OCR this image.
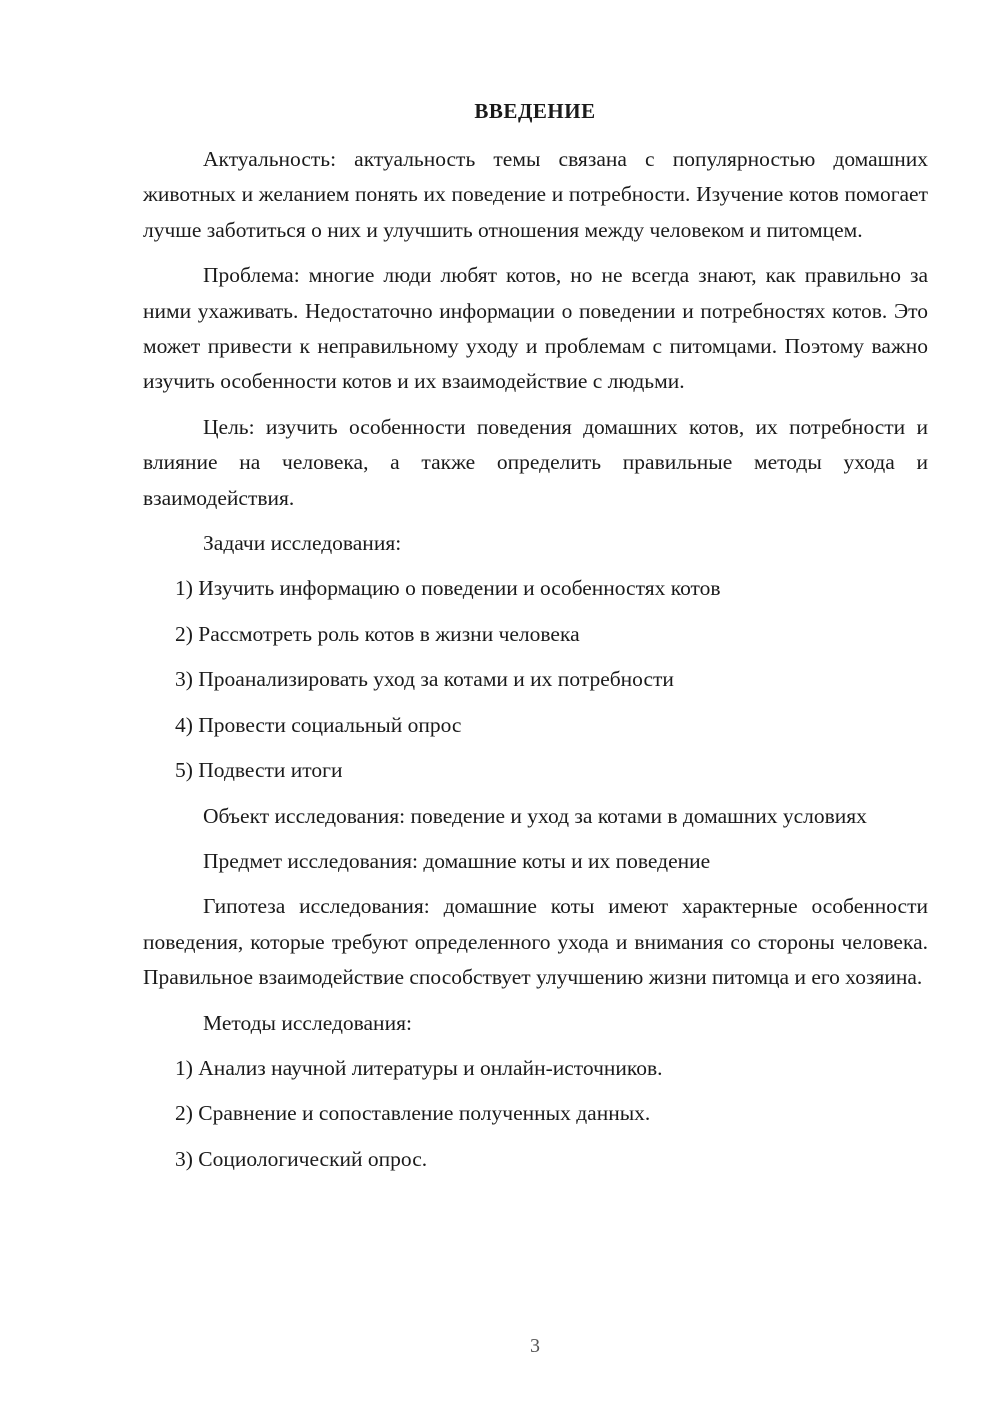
ВВЕДЕНИЕ

Актуальность: актуальность темы связана с популярностью домашних животных и желанием понять их поведение и потребности. Изучение котов помогает лучше заботиться о них и улучшить отношения между человеком и питомцем.

Проблема: многие люди любят котов, но не всегда знают, как правильно за ними ухаживать. Недостаточно информации о поведении и потребностях котов. Это может привести к неправильному уходу и проблемам с питомцами. Поэтому важно изучить особенности котов и их взаимодействие с людьми.

Цель: изучить особенности поведения домашних котов, их потребности и влияние на человека, а также определить правильные методы ухода и взаимодействия.

Задачи исследования:

1) Изучить информацию о поведении и особенностях котов

2) Рассмотреть роль котов в жизни человека

3) Проанализировать уход за котами и их потребности

4) Провести социальный опрос

5) Подвести итоги

Объект исследования: поведение и уход за котами в домашних условиях

Предмет исследования: домашние коты и их поведение

Гипотеза исследования: домашние коты имеют характерные особенности поведения, которые требуют определенного ухода и внимания со стороны человека. Правильное взаимодействие способствует улучшению жизни питомца и его хозяина.

Методы исследования:

1) Анализ научной литературы и онлайн-источников.

2) Сравнение и сопоставление полученных данных.

3) Социологический опрос.

3
